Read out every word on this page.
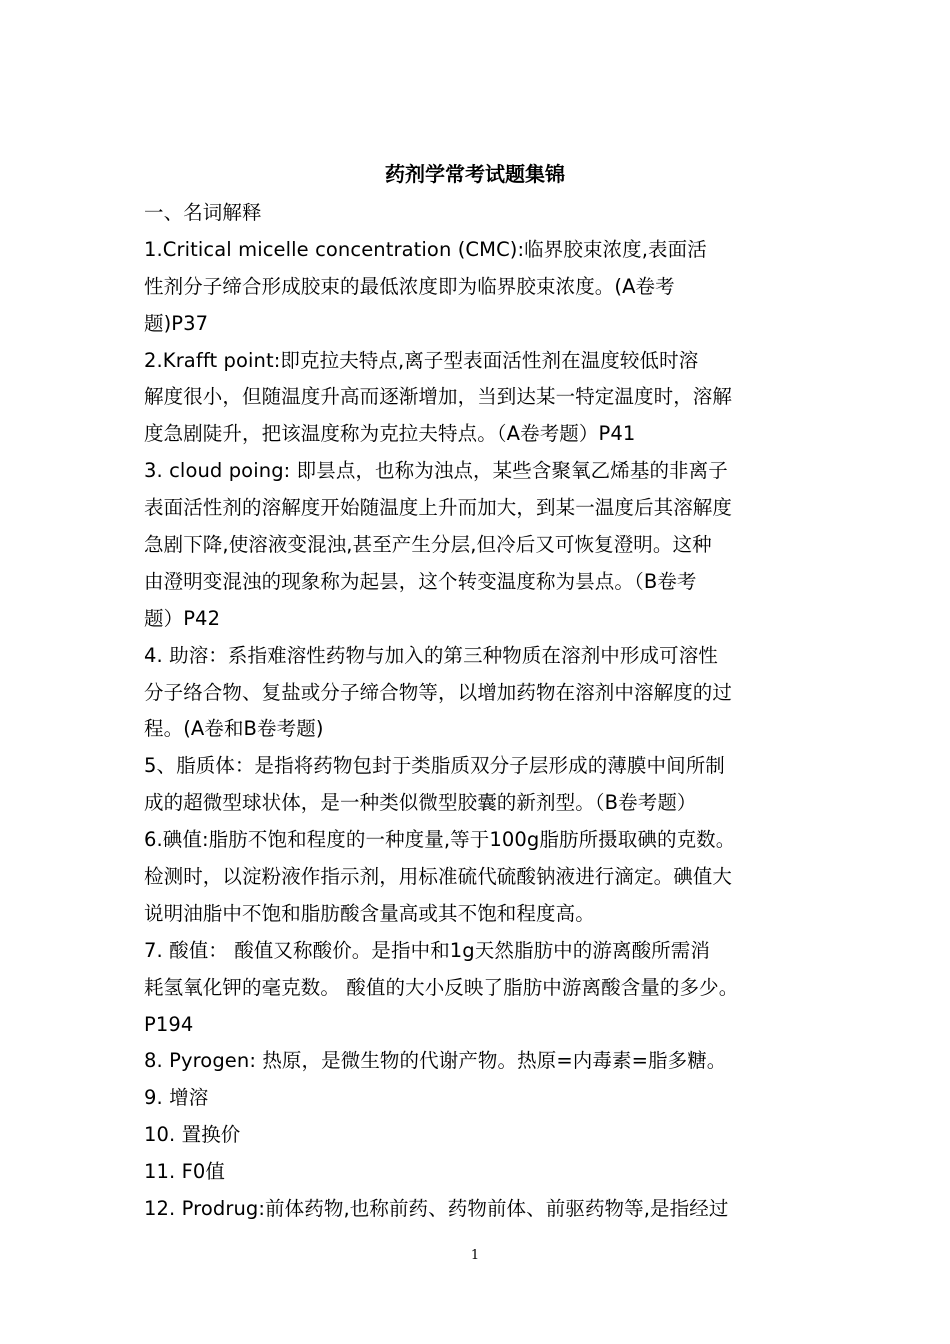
药剂学常考试题集锦
一、名词解释
1.Critical micelle concentration (CMC):临界胶束浓度,表面活
性剂分子缔合形成胶束的最低浓度即为临界胶束浓度。(A卷考
题)P37
2.Krafft point:即克拉夫特点,离子型表面活性剂在温度较低时溶
解度很小，但随温度升高而逐渐增加，当到达某一特定温度时，溶解
度急剧陡升，把该温度称为克拉夫特点。（A卷考题）P41
3. cloud poing: 即昙点，也称为浊点，某些含聚氧乙烯基的非离子
表面活性剂的溶解度开始随温度上升而加大，到某一温度后其溶解度
急剧下降,使溶液变混浊,甚至产生分层,但冷后又可恢复澄明。这种
由澄明变混浊的现象称为起昙，这个转变温度称为昙点。（B卷考
题）P42
4. 助溶：系指难溶性药物与加入的第三种物质在溶剂中形成可溶性
分子络合物、复盐或分子缔合物等，以增加药物在溶剂中溶解度的过
程。(A卷和B卷考题)
5、脂质体：是指将药物包封于类脂质双分子层形成的薄膜中间所制
成的超微型球状体，是一种类似微型胶囊的新剂型。（B卷考题）
6.碘值:脂肪不饱和程度的一种度量,等于100g脂肪所摄取碘的克数。
检测时，以淀粉液作指示剂，用标准硫代硫酸钠液进行滴定。碘值大
说明油脂中不饱和脂肪酸含量高或其不饱和程度高。
7. 酸值： 酸值又称酸价。是指中和1g天然脂肪中的游离酸所需消
耗氢氧化钾的毫克数。 酸值的大小反映了脂肪中游离酸含量的多少。
P194
8. Pyrogen: 热原，是微生物的代谢产物。热原=内毒素=脂多糖。
9. 增溶
10. 置换价
11. F0值
12. Prodrug:前体药物,也称前药、药物前体、前驱药物等,是指经过
1
